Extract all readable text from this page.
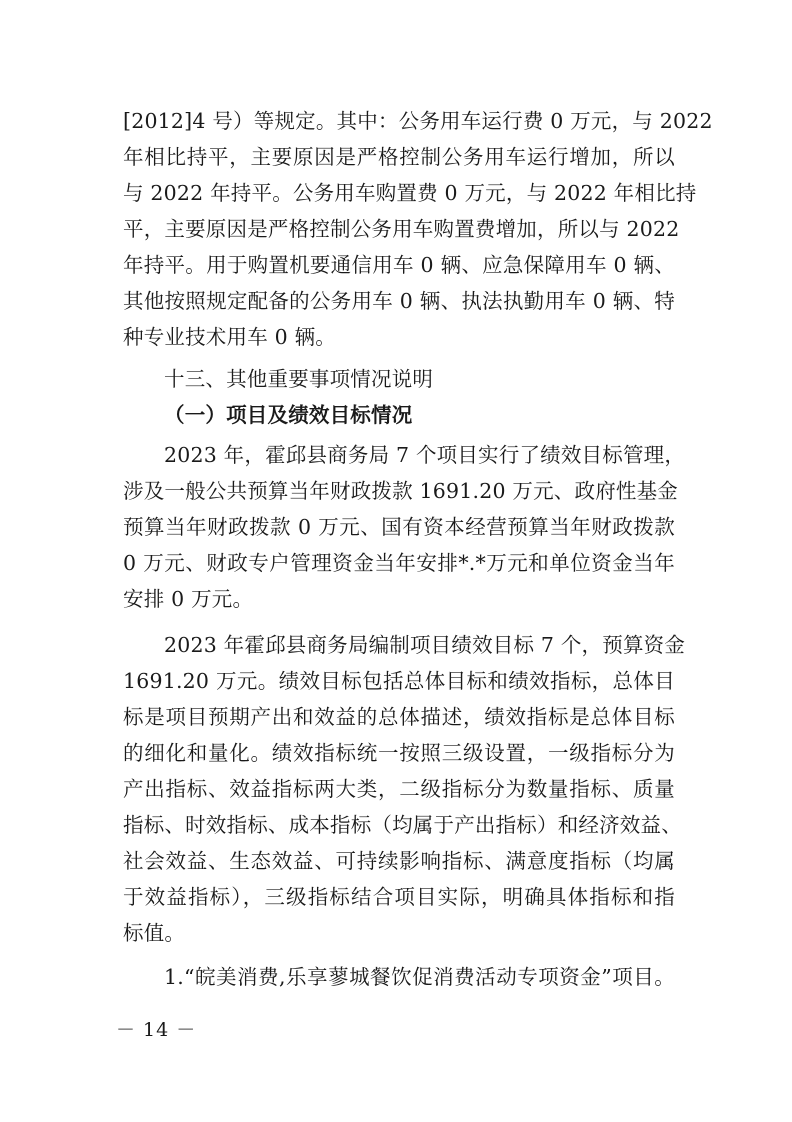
[2012]4 号）等规定。其中：公务用车运行费 0 万元，与 2022
年相比持平，主要原因是严格控制公务用车运行增加，所以
与 2022 年持平。公务用车购置费 0 万元，与 2022 年相比持
平，主要原因是严格控制公务用车购置费增加，所以与 2022
年持平。用于购置机要通信用车 0 辆、应急保障用车 0 辆、
其他按照规定配备的公务用车 0 辆、执法执勤用车 0 辆、特
种专业技术用车 0 辆。
十三、其他重要事项情况说明
（一）项目及绩效目标情况
2023 年，霍邱县商务局 7 个项目实行了绩效目标管理，
涉及一般公共预算当年财政拨款 1691.20 万元、政府性基金
预算当年财政拨款 0 万元、国有资本经营预算当年财政拨款
0 万元、财政专户管理资金当年安排*.*万元和单位资金当年
安排 0 万元。
2023 年霍邱县商务局编制项目绩效目标 7 个，预算资金
1691.20 万元。绩效目标包括总体目标和绩效指标，总体目
标是项目预期产出和效益的总体描述，绩效指标是总体目标
的细化和量化。绩效指标统一按照三级设置，一级指标分为
产出指标、效益指标两大类，二级指标分为数量指标、质量
指标、时效指标、成本指标（均属于产出指标）和经济效益、
社会效益、生态效益、可持续影响指标、满意度指标（均属
于效益指标），三级指标结合项目实际，明确具体指标和指
标值。
1.“皖美消费,乐享蓼城餐饮促消费活动专项资金”项目。
－ 14 －
